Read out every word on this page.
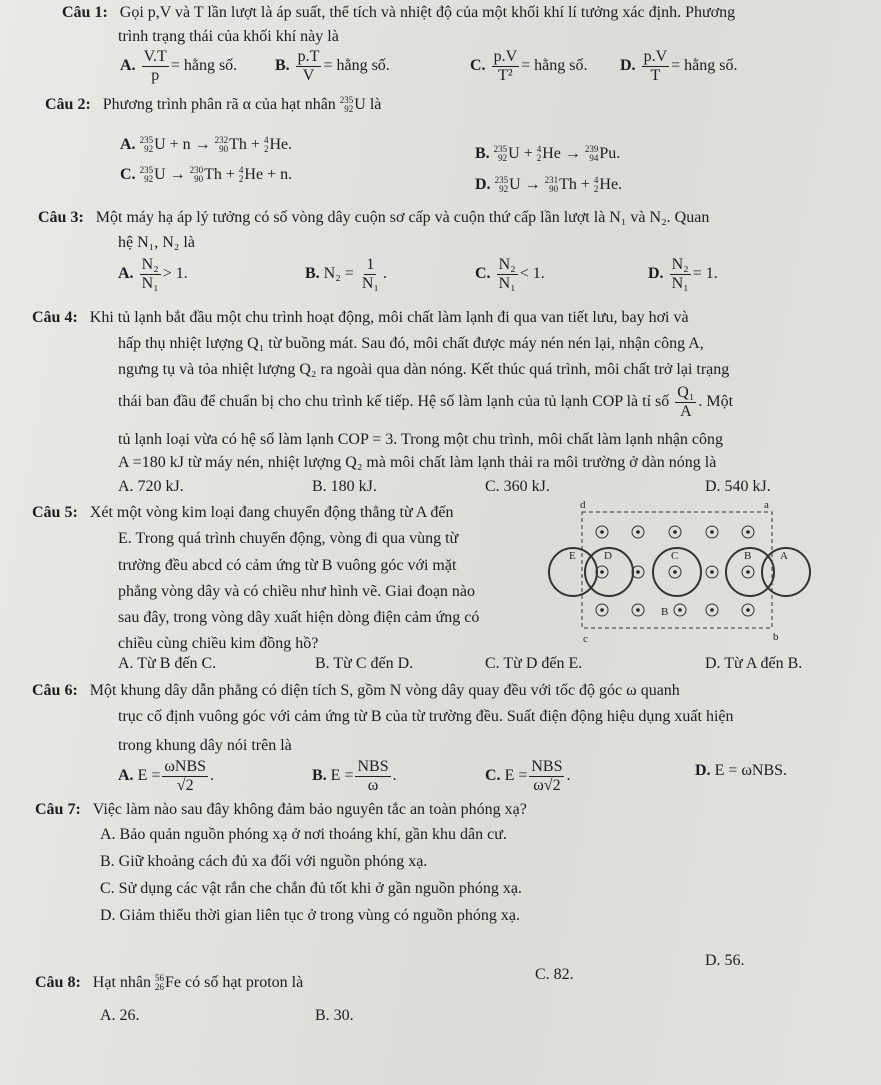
Câu 1: Gọi p,V và T lần lượt là áp suất, thể tích và nhiệt độ của một khối khí lí tưởng xác định. Phương
trình trạng thái của khối khí này là
A. $\frac{V.T}{p}$ = hằng số. B. $\frac{p.T}{V}$ = hằng số.	C. $\frac{p.V}{\text{T²}}$ = hằng số. D. $\frac{p.V}{T}$ = hằng số.
Câu 2: Phương trình phân rã α của hạt nhân 235
92 U là
A. 235
92 U + n → 232
90 Th + 4
2 He.
B. 235
92 U + 4
2 He → 239
94 Pu.
C. 235
92 U → 230
90 Th + 4
2 He + n.
D. 235
92 U → 231
90 Th + 4
2 He.
Câu 3: Một máy hạ áp lý tưởng có số vòng dây cuộn sơ cấp và cuộn thứ cấp lần lượt là N₁ và N₂. Quan
hệ N₁, N₂ là
A. $\frac{\text{N₂}}{\text{N₁}} > 1$.	B. $N_2 = \frac{1}{\text{N₁}}$ .	C. $\frac{\text{N₂}}{\text{N₁}} < 1$.	D. $\frac{\text{N₂}}{\text{N₁}} = 1$.
Câu 4: Khi tủ lạnh bắt đầu một chu trình hoạt động, môi chất làm lạnh đi qua van tiết lưu, bay hơi và
hấp thụ nhiệt lượng Q₁ từ buồng mát. Sau đó, môi chất được máy nén nén lại, nhận công A,
ngưng tụ và tỏa nhiệt lượng Q₂ ra ngoài qua dàn nóng. Kết thúc quá trình, môi chất trở lại trạng
thái ban đầu để chuẩn bị cho chu trình kế tiếp. Hệ số làm lạnh của tủ lạnh COP là tỉ số $\frac{\text{Q₁}}{A}$ . Một
tủ lạnh loại vừa có hệ số làm lạnh COP = 3. Trong một chu trình, môi chất làm lạnh nhận công
A =180 kJ từ máy nén, nhiệt lượng Q₂ mà môi chất làm lạnh thải ra môi trường ở dàn nóng là
A. 720 kJ.	B. 180 kJ.	C. 360 kJ.	D. 540 kJ.
Câu 5: Xét một vòng kim loại đang chuyển động thẳng từ A đến
E. Trong quá trình chuyển động, vòng đi qua vùng từ
trường đều abcd có cảm ứng từ B vuông góc với mặt
phẳng vòng dây và có chiều như hình vẽ. Giai đoạn nào
sau đây, trong vòng dây xuất hiện dòng điện cảm ứng có
chiều cùng chiều kim đồng hồ?
A. Từ B đến C.	B. Từ C đến D.	C. Từ D đến E.	D. Từ A đến B.
a
b
c
d
A
B
C
D
E
B
Câu 6: Một khung dây dẫn phẳng có diện tích S, gồm N vòng dây quay đều với tốc độ góc ω quanh
trục cố định vuông góc với cảm ứng từ B của từ trường đều. Suất điện động hiệu dụng xuất hiện
trong khung dây nói trên là
A. E =
ωNBS
√2
.	B. E =
NBS
ω
.	C. E =
NBS
ω√2
.	D. E = ωNBS.
Câu 7: Việc làm nào sau đây không đảm bảo nguyên tắc an toàn phóng xạ?
A. Bảo quản nguồn phóng xạ ở nơi thoáng khí, gần khu dân cư.
B. Giữ khoảng cách đủ xa đối với nguồn phóng xạ.
C. Sử dụng các vật rắn che chắn đủ tốt khi ở gần nguồn phóng xạ.
D. Giảm thiểu thời gian liên tục ở trong vùng có nguồn phóng xạ.
Câu 8: Hạt nhân 56
26 Fe có số hạt proton là
A. 26.	B. 30.
C. 82.
D. 56.
